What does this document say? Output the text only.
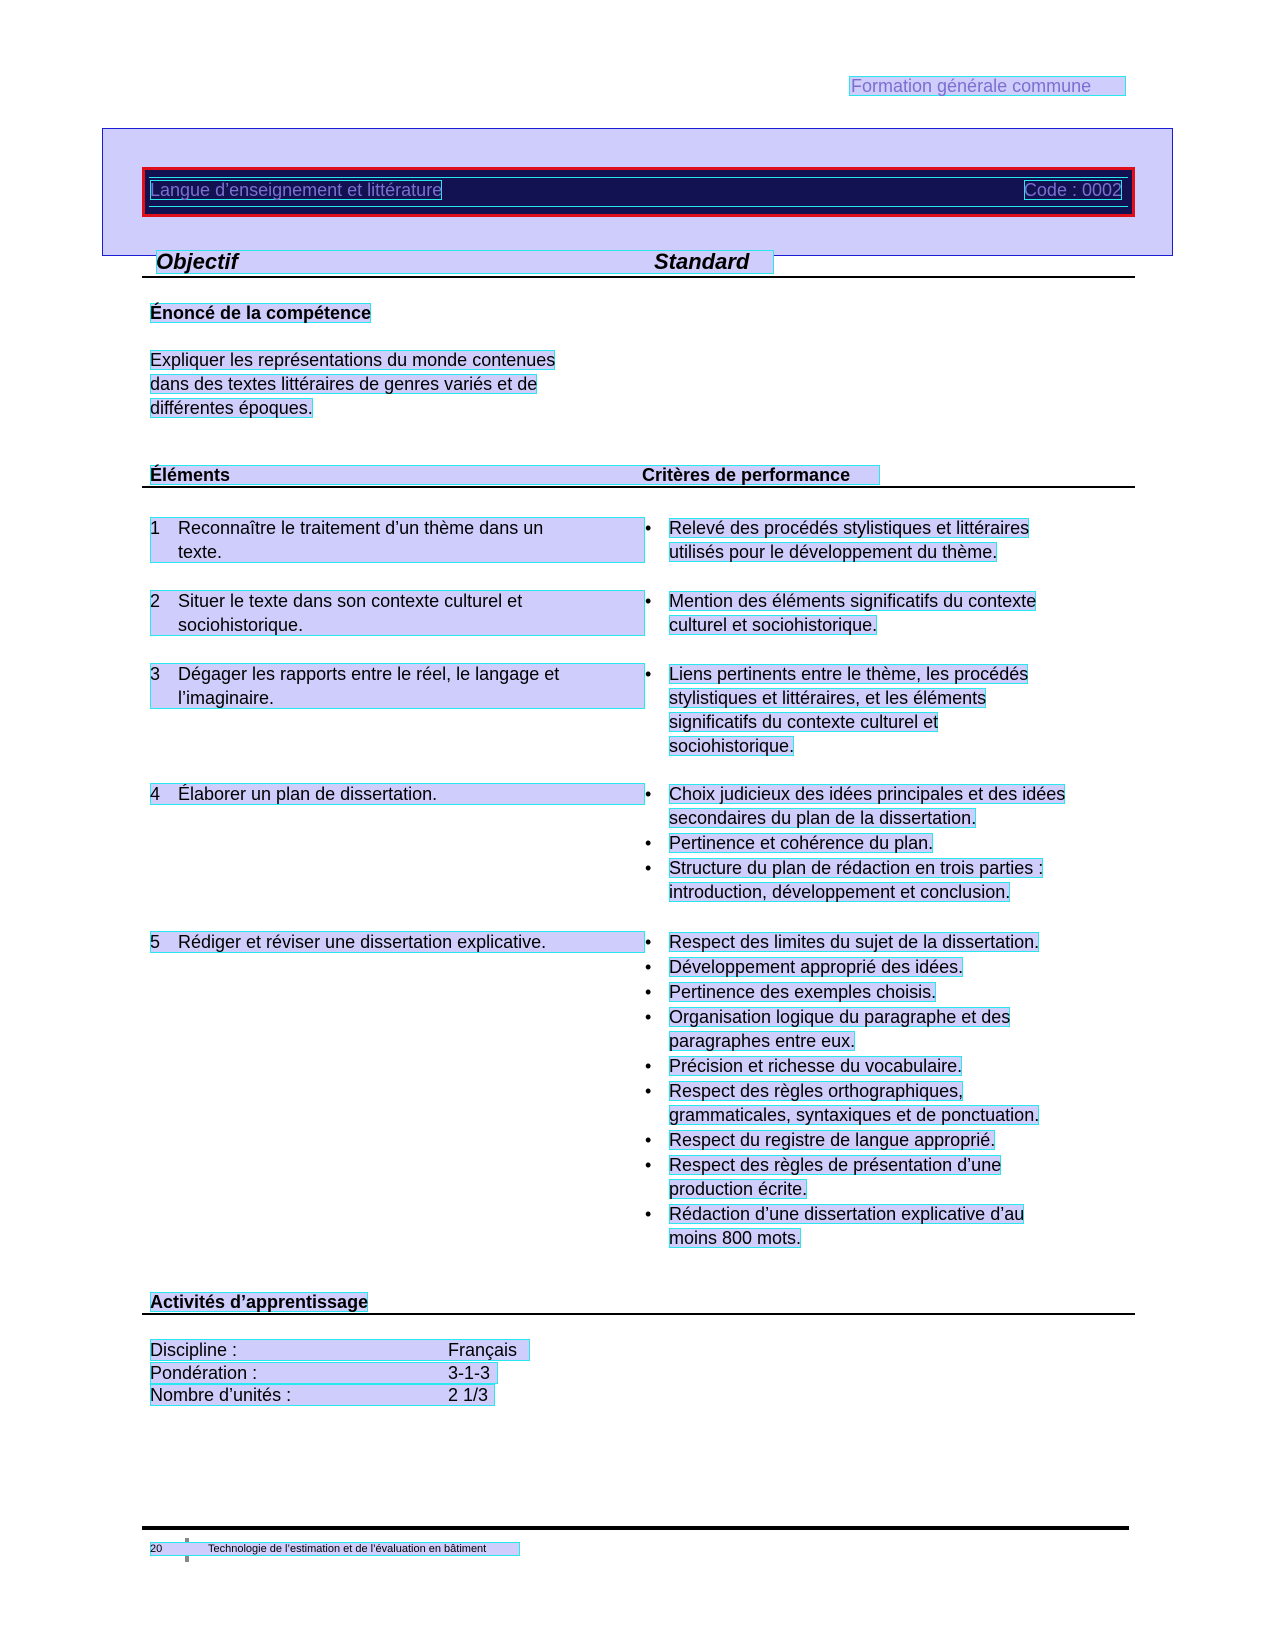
Formation générale commune
Langue d’enseignement et littérature	Code : 0002
Objectif	Standard
Énoncé de la compétence
Expliquer les représentations du monde contenues
dans des textes littéraires de genres variés et de
différentes époques.
Éléments	Critères de performance
1 Reconnaître le traitement d’un thème dans un
texte.
• Relevé des procédés stylistiques et littéraires
utilisés pour le développement du thème.
2 Situer le texte dans son contexte culturel et
sociohistorique.
• Mention des éléments significatifs du contexte
culturel et sociohistorique.
3 Dégager les rapports entre le réel, le langage et
l’imaginaire.
• Liens pertinents entre le thème, les procédés
stylistiques et littéraires, et les éléments
significatifs du contexte culturel et
sociohistorique.
4 Élaborer un plan de dissertation.	• Choix judicieux des idées principales et des idées
secondaires du plan de la dissertation.
• Pertinence et cohérence du plan.
• Structure du plan de rédaction en trois parties :
introduction, développement et conclusion.
5 Rédiger et réviser une dissertation explicative.	• Respect des limites du sujet de la dissertation.
• Développement approprié des idées.
• Pertinence des exemples choisis.
• Organisation logique du paragraphe et des
paragraphes entre eux.
• Précision et richesse du vocabulaire.
• Respect des règles orthographiques,
grammaticales, syntaxiques et de ponctuation.
• Respect du registre de langue approprié.
• Respect des règles de présentation d’une
production écrite.
• Rédaction d’une dissertation explicative d’au
moins 800 mots.
Activités d’apprentissage
Discipline :	Français
Pondération :	3-1-3
Nombre d’unités :	2 1/3
20	Technologie de l’estimation et de l’évaluation en bâtiment
